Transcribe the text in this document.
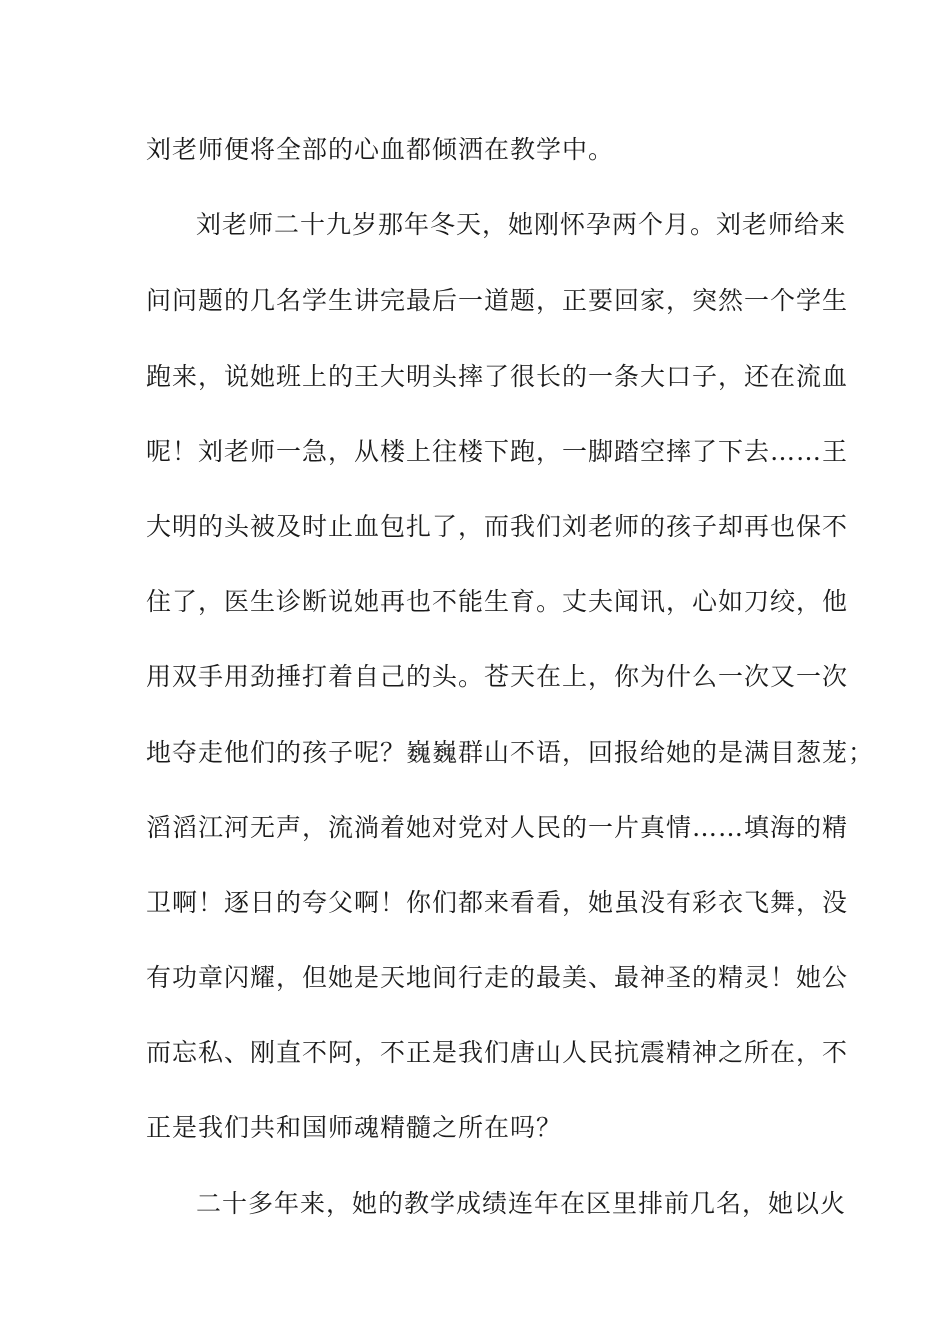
刘老师便将全部的心血都倾洒在教学中。
刘老师二十九岁那年冬天，她刚怀孕两个月。刘老师给来
问问题的几名学生讲完最后一道题，正要回家，突然一个学生
跑来，说她班上的王大明头摔了很长的一条大口子，还在流血
呢！刘老师一急，从楼上往楼下跑，一脚踏空摔了下去……王
大明的头被及时止血包扎了，而我们刘老师的孩子却再也保不
住了，医生诊断说她再也不能生育。丈夫闻讯，心如刀绞，他
用双手用劲捶打着自己的头。苍天在上，你为什么一次又一次
地夺走他们的孩子呢？巍巍群山不语，回报给她的是满目葱茏；
滔滔江河无声，流淌着她对党对人民的一片真情……填海的精
卫啊！逐日的夸父啊！你们都来看看，她虽没有彩衣飞舞，没
有功章闪耀，但她是天地间行走的最美、最神圣的精灵！她公
而忘私、刚直不阿，不正是我们唐山人民抗震精神之所在，不
正是我们共和国师魂精髓之所在吗？
二十多年来，她的教学成绩连年在区里排前几名，她以火
